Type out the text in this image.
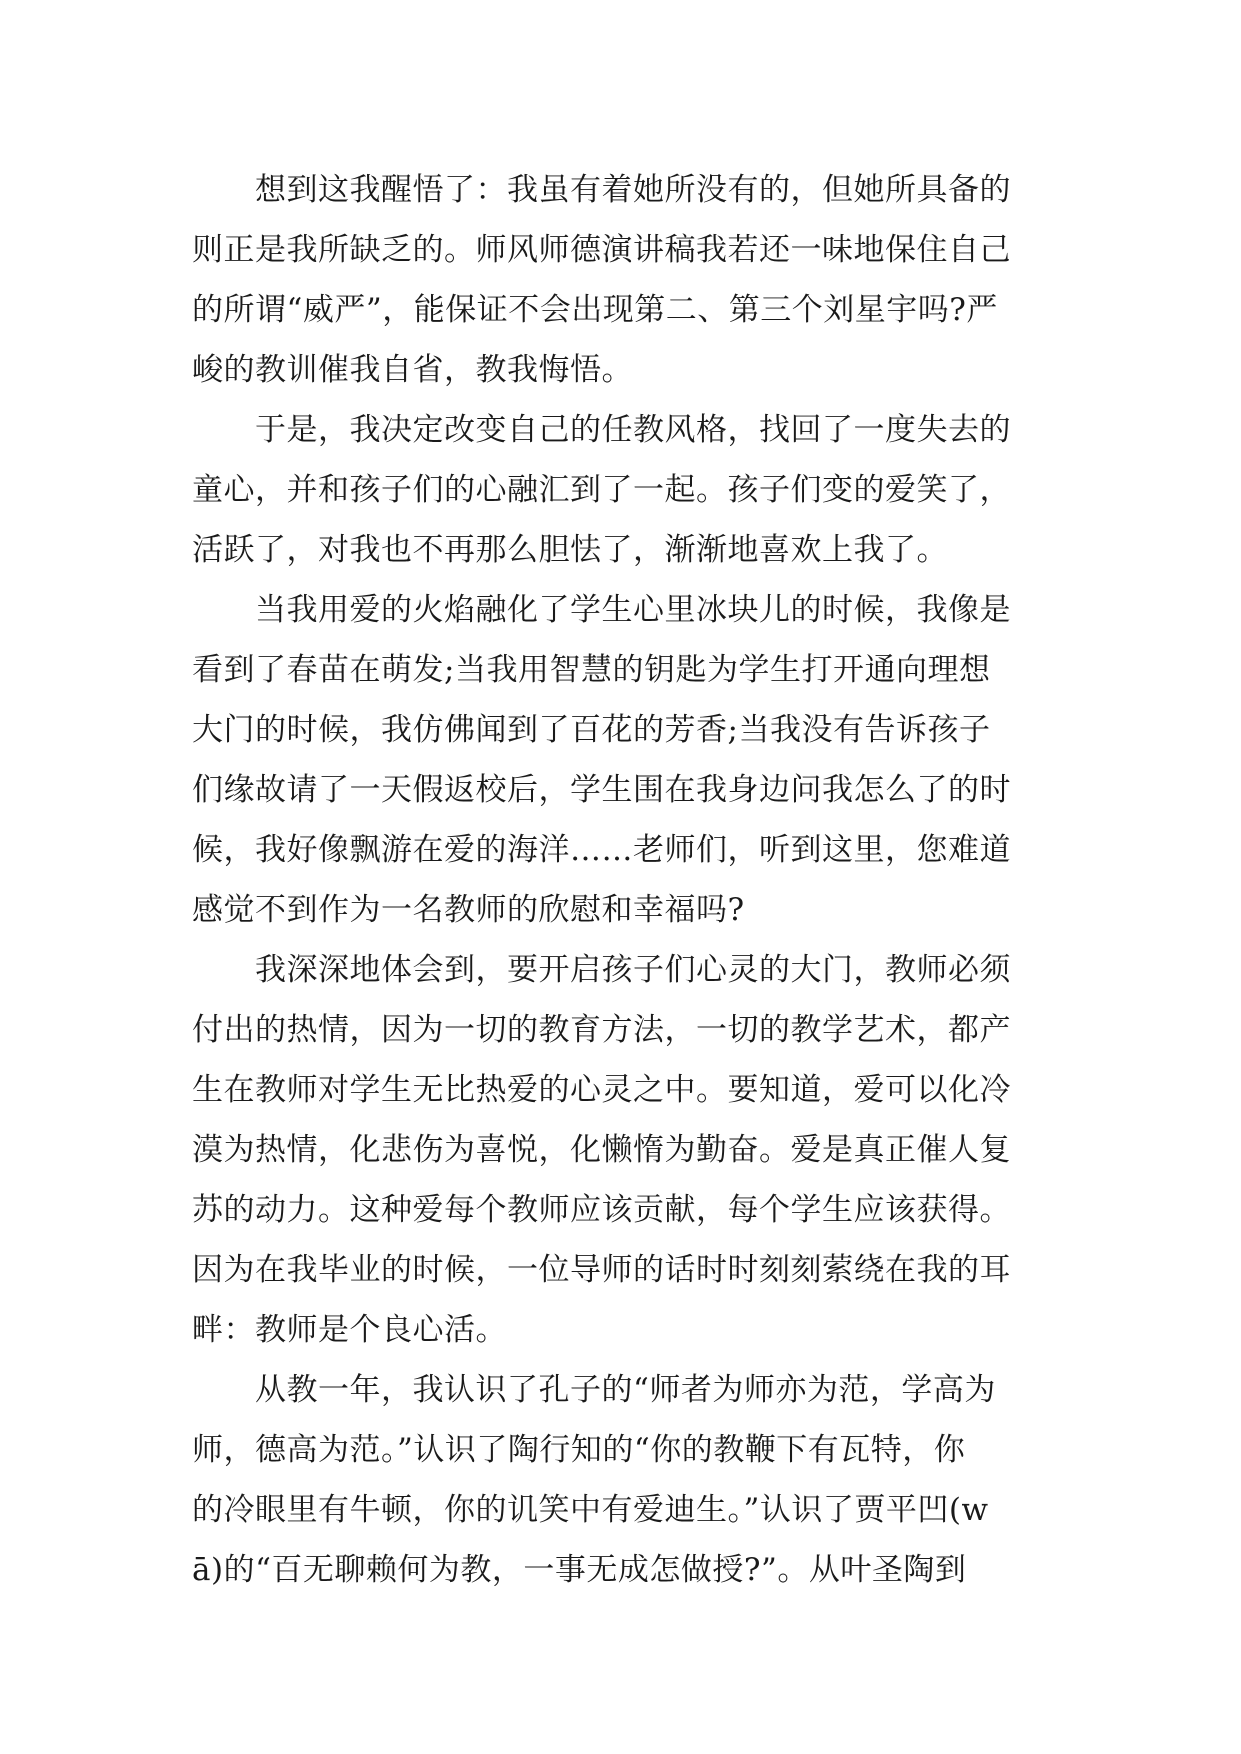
想到这我醒悟了：我虽有着她所没有的，但她所具备的
则正是我所缺乏的。师风师德演讲稿我若还一味地保住自己
的所谓“威严”，能保证不会出现第二、第三个刘星宇吗?严
峻的教训催我自省，教我悔悟。
于是，我决定改变自己的任教风格，找回了一度失去的
童心，并和孩子们的心融汇到了一起。孩子们变的爱笑了，
活跃了，对我也不再那么胆怯了，渐渐地喜欢上我了。
当我用爱的火焰融化了学生心里冰块儿的时候，我像是
看到了春苗在萌发;当我用智慧的钥匙为学生打开通向理想
大门的时候，我仿佛闻到了百花的芳香;当我没有告诉孩子
们缘故请了一天假返校后，学生围在我身边问我怎么了的时
候，我好像飘游在爱的海洋……老师们，听到这里，您难道
感觉不到作为一名教师的欣慰和幸福吗?
我深深地体会到，要开启孩子们心灵的大门，教师必须
付出的热情，因为一切的教育方法，一切的教学艺术，都产
生在教师对学生无比热爱的心灵之中。要知道，爱可以化冷
漠为热情，化悲伤为喜悦，化懒惰为勤奋。爱是真正催人复
苏的动力。这种爱每个教师应该贡献，每个学生应该获得。
因为在我毕业的时候，一位导师的话时时刻刻萦绕在我的耳
畔：教师是个良心活。
从教一年，我认识了孔子的“师者为师亦为范，学高为
师，德高为范。”认识了陶行知的“你的教鞭下有瓦特，你
的冷眼里有牛顿，你的讥笑中有爱迪生。”认识了贾平凹(w
ā)的“百无聊赖何为教，一事无成怎做授?”。从叶圣陶到
